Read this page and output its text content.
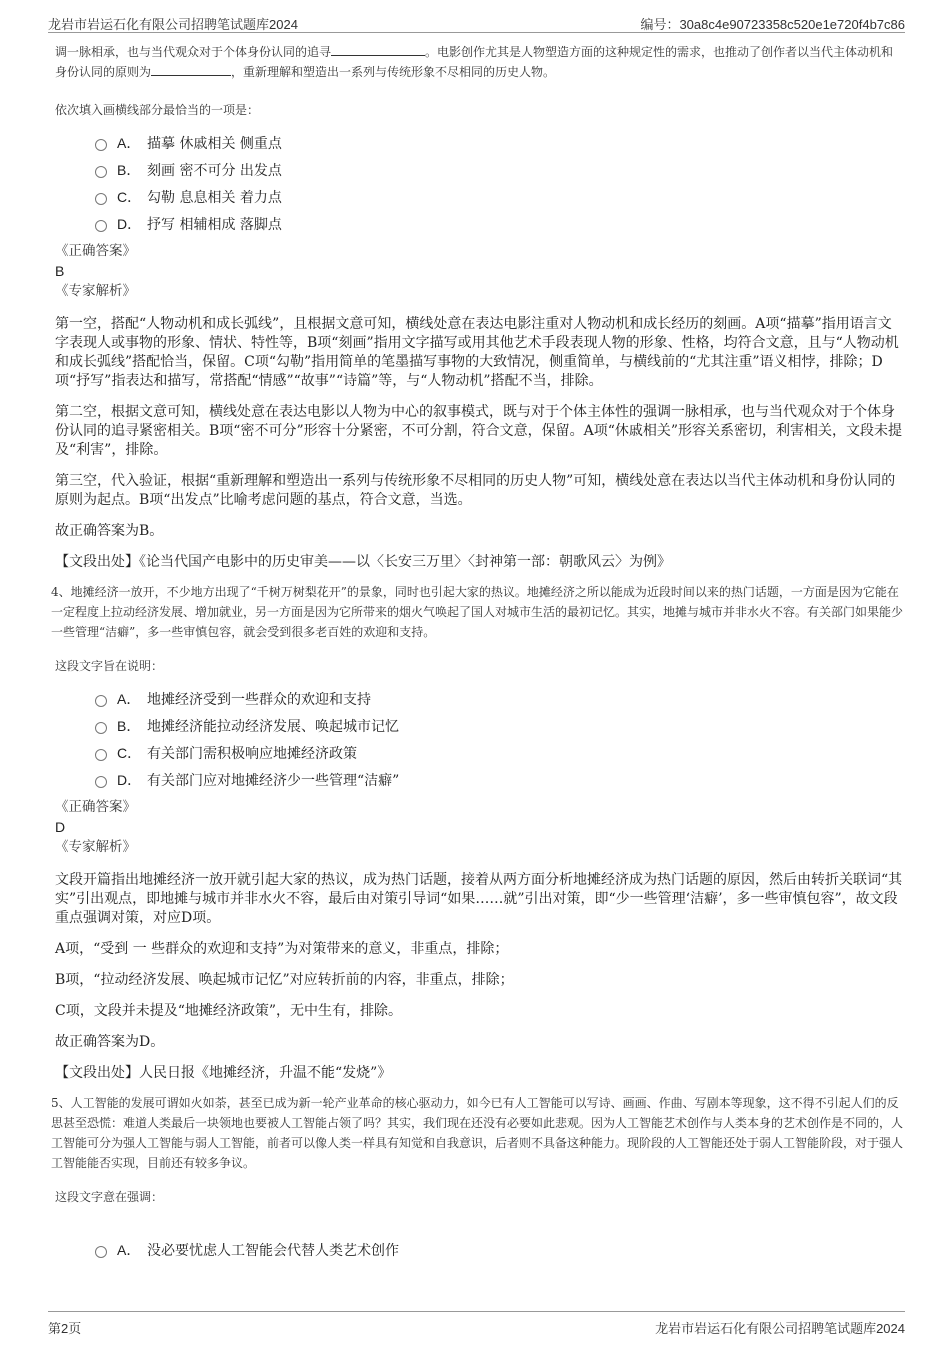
龙岩市岩运石化有限公司招聘笔试题库2024	编号：30a8c4e90723358c520e1e720f4b7c86

调一脉相承，也与当代观众对于个体身份认同的追寻	。电影创作尤其是人物塑造方面的这种规定性的需求，也推动了创作者以当代主体动机和身份认同的原则为	，重新理解和塑造出一系列与传统形象不尽相同的历史人物。

依次填入画横线部分最恰当的一项是：

A． 描摹 休戚相关 侧重点
B． 刻画 密不可分 出发点
C． 勾勒 息息相关 着力点
D． 抒写 相辅相成 落脚点

《正确答案》

B

《专家解析》

第一空，搭配“人物动机和成长弧线”，且根据文意可知，横线处意在表达电影注重对人物动机和成长经历的刻画。A项“描摹”指用语言文字表现人或事物的形象、情状、特性等，B项“刻画”指用文字描写或用其他艺术手段表现人物的形象、性格，均符合文意，且与“人物动机和成长弧线”搭配恰当，保留。C项“勾勒”指用简单的笔墨描写事物的大致情况，侧重简单，与横线前的“尤其注重”语义相悖，排除；D项“抒写”指表达和描写，常搭配“情感”“故事”“诗篇”等，与“人物动机”搭配不当，排除。

第二空，根据文意可知，横线处意在表达电影以人物为中心的叙事模式，既与对于个体主体性的强调一脉相承，也与当代观众对于个体身份认同的追寻紧密相关。B项“密不可分”形容十分紧密，不可分割，符合文意，保留。A项“休戚相关”形容关系密切，利害相关，文段未提及“利害”，排除。

第三空，代入验证，根据“重新理解和塑造出一系列与传统形象不尽相同的历史人物”可知，横线处意在表达以当代主体动机和身份认同的原则为起点。B项“出发点”比喻考虑问题的基点，符合文意，当选。

故正确答案为B。

【文段出处】《论当代国产电影中的历史审美——以〈长安三万里〉〈封神第一部：朝歌风云〉为例》

4、地摊经济一放开，不少地方出现了“千树万树梨花开”的景象，同时也引起大家的热议。地摊经济之所以能成为近段时间以来的热门话题，一方面是因为它能在一定程度上拉动经济发展、增加就业，另一方面是因为它所带来的烟火气唤起了国人对城市生活的最初记忆。其实，地摊与城市并非水火不容。有关部门如果能少一些管理“洁癖”，多一些审慎包容，就会受到很多老百姓的欢迎和支持。

这段文字旨在说明：

A． 地摊经济受到一些群众的欢迎和支持
B． 地摊经济能拉动经济发展、唤起城市记忆
C． 有关部门需积极响应地摊经济政策
D． 有关部门应对地摊经济少一些管理“洁癖”

《正确答案》

D

《专家解析》

文段开篇指出地摊经济一放开就引起大家的热议，成为热门话题，接着从两方面分析地摊经济成为热门话题的原因，然后由转折关联词“其实”引出观点，即地摊与城市并非水火不容，最后由对策引导词“如果……就”引出对策，即“少一些管理‘洁癖’，多一些审慎包容”，故文段重点强调对策，对应D项。

A项，“受到 一 些群众的欢迎和支持”为对策带来的意义，非重点，排除；

B项，“拉动经济发展、唤起城市记忆”对应转折前的内容，非重点，排除；

C项，文段并未提及“地摊经济政策”，无中生有，排除。

故正确答案为D。

【文段出处】人民日报《地摊经济，升温不能“发烧”》

5、人工智能的发展可谓如火如荼，甚至已成为新一轮产业革命的核心驱动力，如今已有人工智能可以写诗、画画、作曲、写剧本等现象，这不得不引起人们的反思甚至恐慌：难道人类最后一块领地也要被人工智能占领了吗？其实，我们现在还没有必要如此悲观。因为人工智能艺术创作与人类本身的艺术创作是不同的，人工智能可分为强人工智能与弱人工智能，前者可以像人类一样具有知觉和自我意识，后者则不具备这种能力。现阶段的人工智能还处于弱人工智能阶段，对于强人工智能能否实现，目前还有较多争议。

这段文字意在强调：

A． 没必要忧虑人工智能会代替人类艺术创作
第2页	龙岩市岩运石化有限公司招聘笔试题库2024
